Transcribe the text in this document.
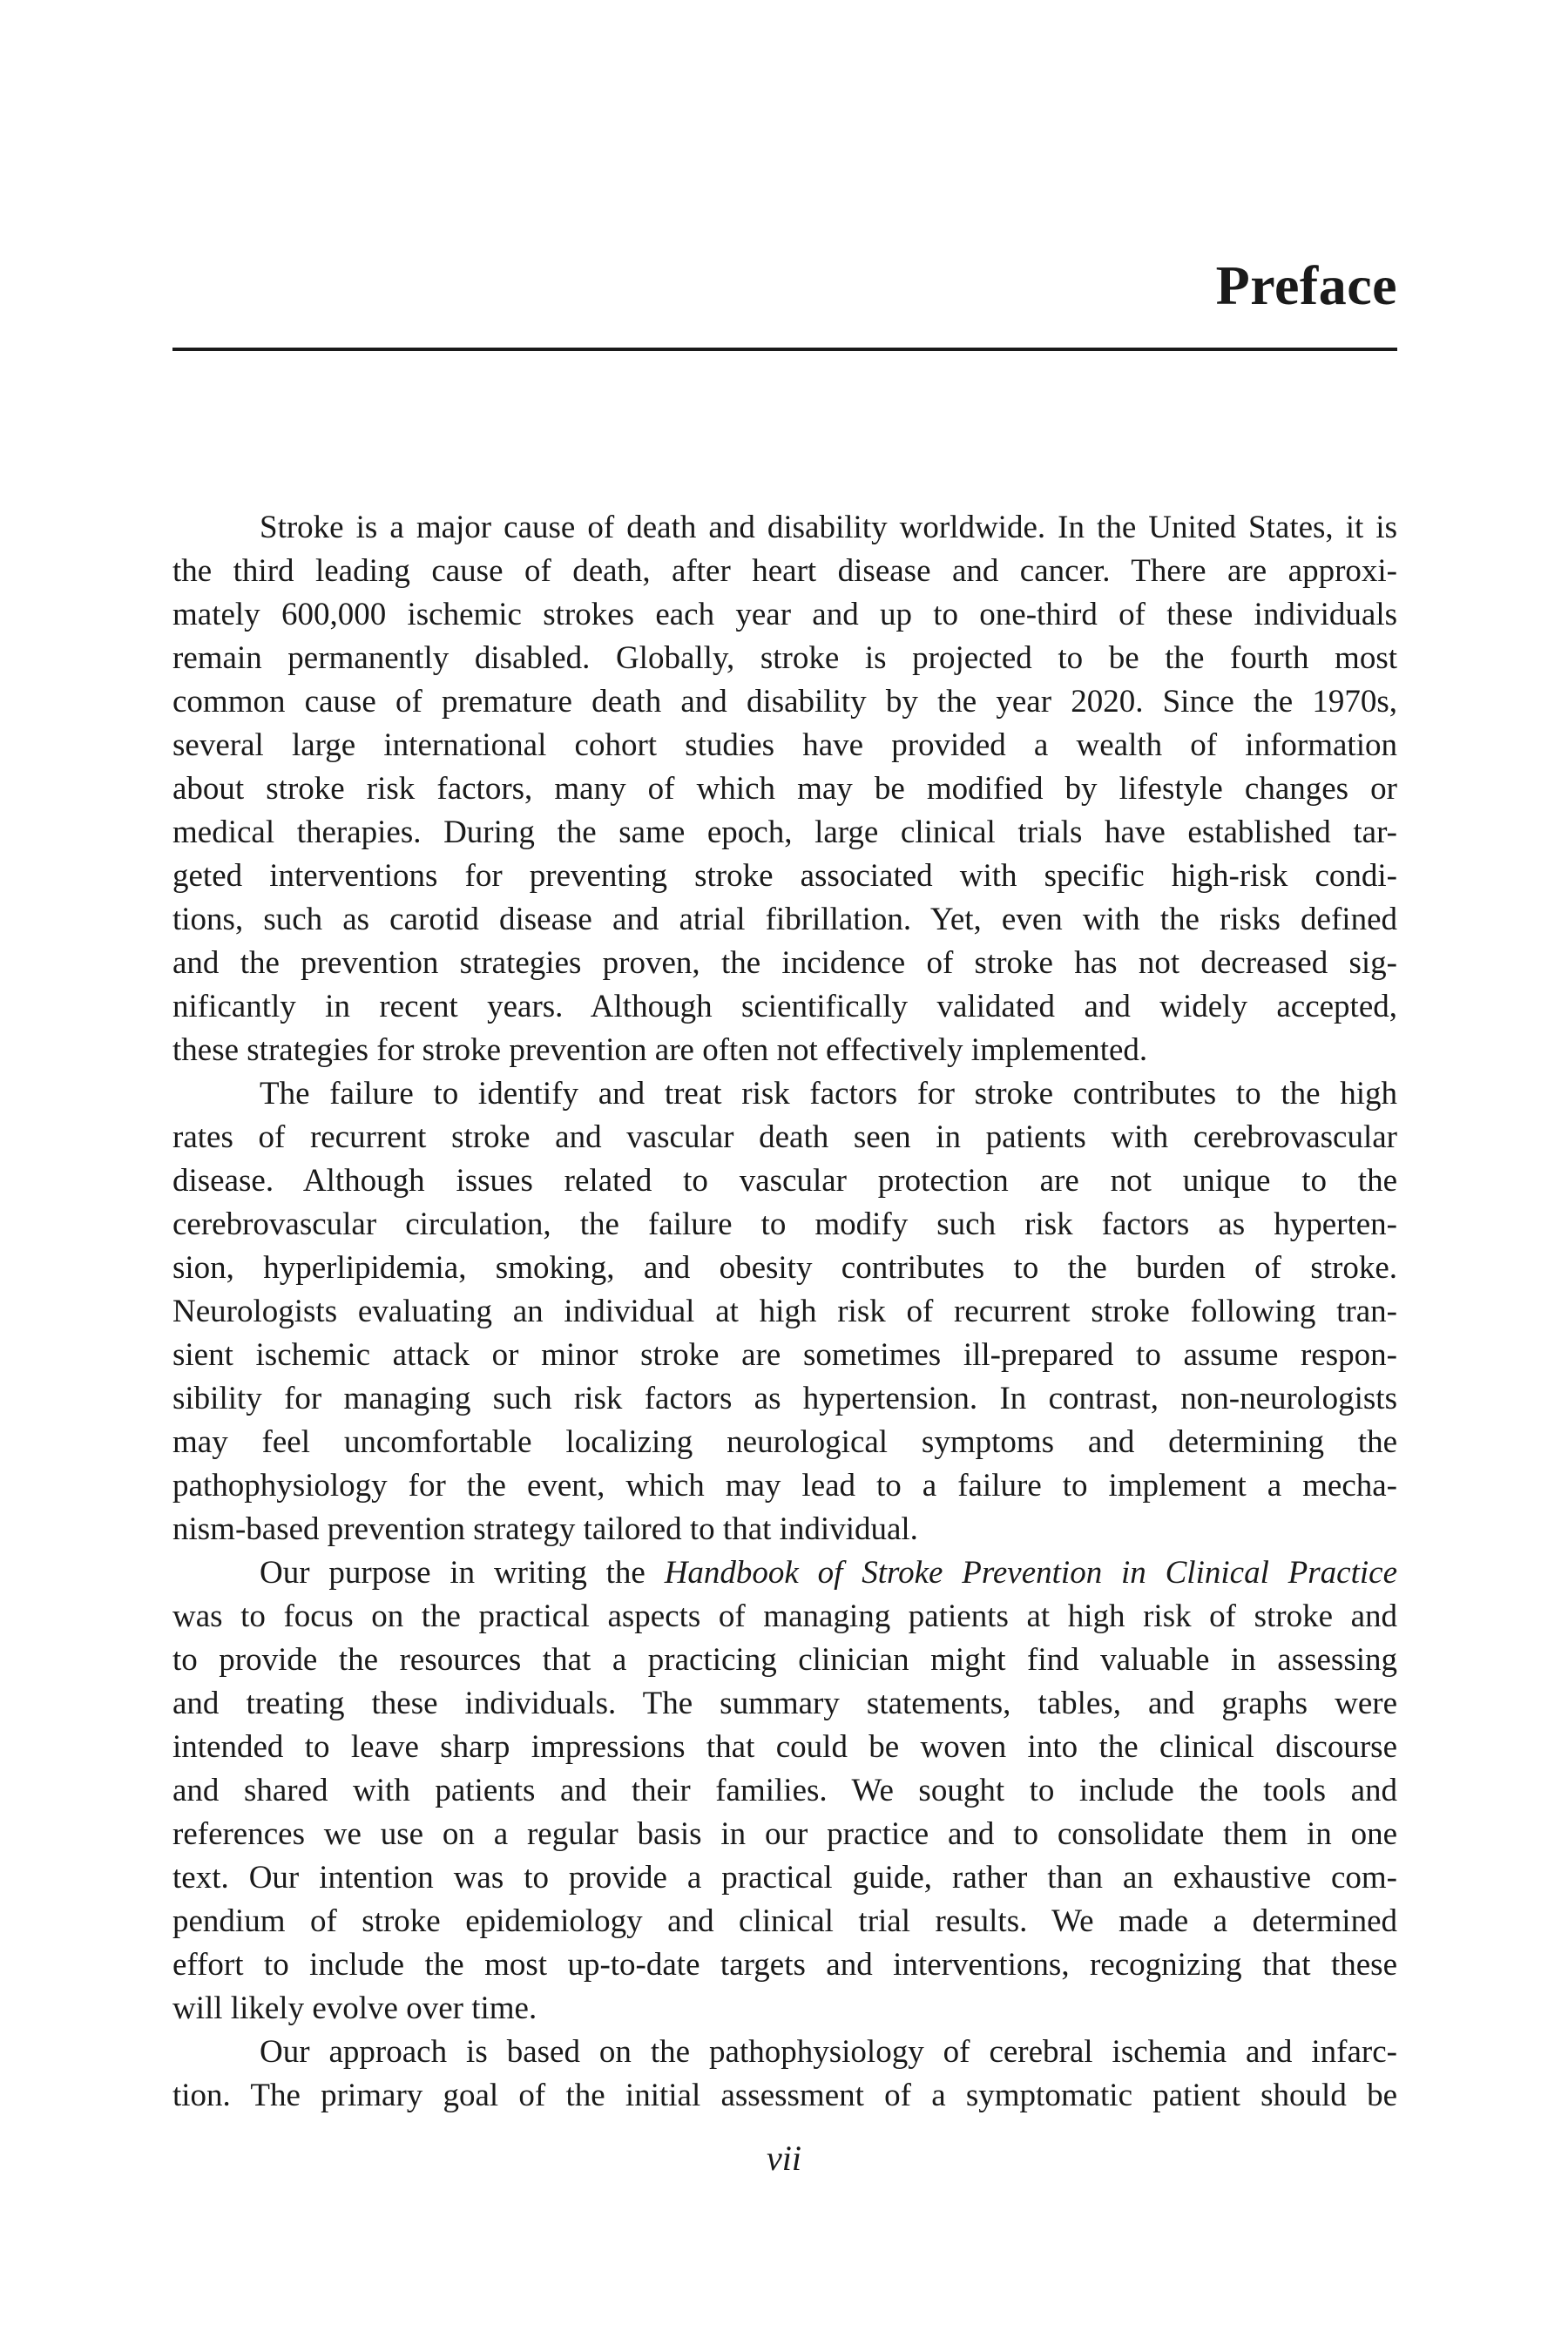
Preface

Stroke is a major cause of death and disability worldwide. In the United States, it is
the third leading cause of death, after heart disease and cancer. There are approxi-
mately 600,000 ischemic strokes each year and up to one-third of these individuals
remain permanently disabled. Globally, stroke is projected to be the fourth most
common cause of premature death and disability by the year 2020. Since the 1970s,
several large international cohort studies have provided a wealth of information
about stroke risk factors, many of which may be modified by lifestyle changes or
medical therapies. During the same epoch, large clinical trials have established tar-
geted interventions for preventing stroke associated with specific high-risk condi-
tions, such as carotid disease and atrial fibrillation. Yet, even with the risks defined
and the prevention strategies proven, the incidence of stroke has not decreased sig-
nificantly in recent years. Although scientifically validated and widely accepted,
these strategies for stroke prevention are often not effectively implemented.

The failure to identify and treat risk factors for stroke contributes to the high
rates of recurrent stroke and vascular death seen in patients with cerebrovascular
disease. Although issues related to vascular protection are not unique to the
cerebrovascular circulation, the failure to modify such risk factors as hyperten-
sion, hyperlipidemia, smoking, and obesity contributes to the burden of stroke.
Neurologists evaluating an individual at high risk of recurrent stroke following tran-
sient ischemic attack or minor stroke are sometimes ill-prepared to assume respon-
sibility for managing such risk factors as hypertension. In contrast, non-neurologists
may feel uncomfortable localizing neurological symptoms and determining the
pathophysiology for the event, which may lead to a failure to implement a mecha-
nism-based prevention strategy tailored to that individual.

Our purpose in writing the Handbook of Stroke Prevention in Clinical Practice
was to focus on the practical aspects of managing patients at high risk of stroke and
to provide the resources that a practicing clinician might find valuable in assessing
and treating these individuals. The summary statements, tables, and graphs were
intended to leave sharp impressions that could be woven into the clinical discourse
and shared with patients and their families. We sought to include the tools and
references we use on a regular basis in our practice and to consolidate them in one
text. Our intention was to provide a practical guide, rather than an exhaustive com-
pendium of stroke epidemiology and clinical trial results. We made a determined
effort to include the most up-to-date targets and interventions, recognizing that these
will likely evolve over time.

Our approach is based on the pathophysiology of cerebral ischemia and infarc-
tion. The primary goal of the initial assessment of a symptomatic patient should be

vii
